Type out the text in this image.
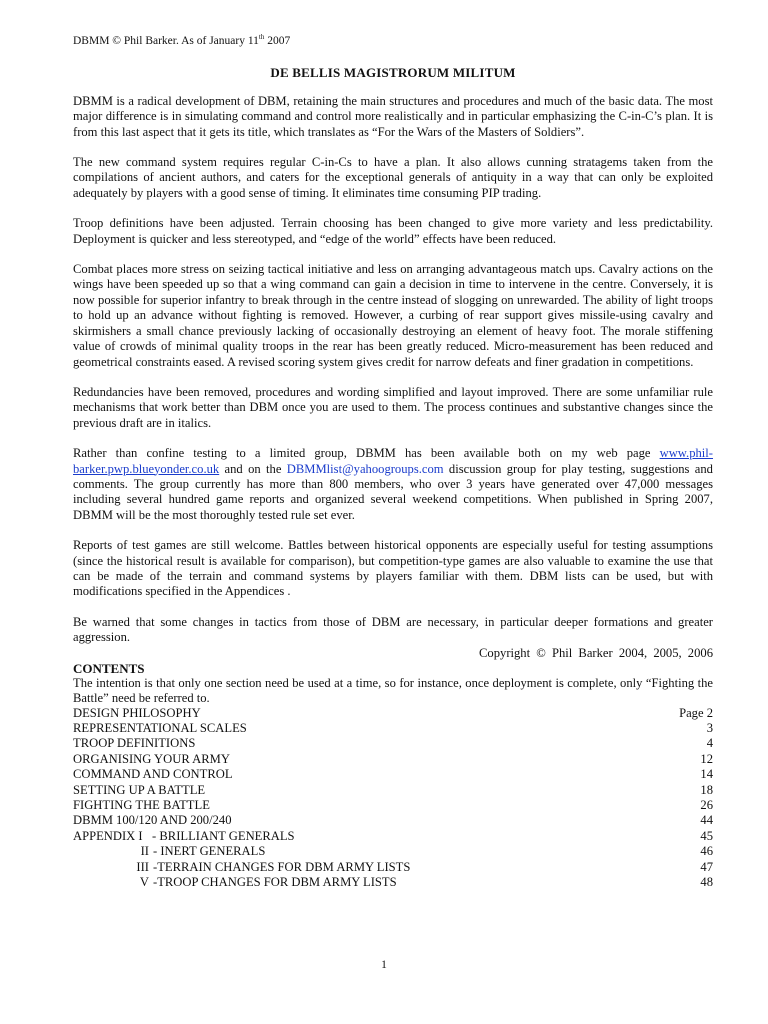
DBMM © Phil Barker. As of January 11th 2007
DE BELLIS MAGISTRORUM MILITUM

DBMM is a radical development of DBM, retaining the main structures and procedures and much of the basic data. The most major difference is in simulating command and control more realistically and in particular emphasizing the C-in-C’s plan. It is from this last aspect that it gets its title, which translates as “For the Wars of the Masters of Soldiers”.

The new command system requires regular C-in-Cs to have a plan. It also allows cunning stratagems taken from the compilations of ancient authors, and caters for the exceptional generals of antiquity in a way that can only be exploited adequately by players with a good sense of timing. It eliminates time consuming PIP trading.

Troop definitions have been adjusted. Terrain choosing has been changed to give more variety and less predictability. Deployment is quicker and less stereotyped, and “edge of the world” effects have been reduced.

Combat places more stress on seizing tactical initiative and less on arranging advantageous match ups. Cavalry actions on the wings have been speeded up so that a wing command can gain a decision in time to intervene in the centre. Conversely, it is now possible for superior infantry to break through in the centre instead of slogging on unrewarded. The ability of light troops to hold up an advance without fighting is removed. However, a curbing of rear support gives missile-using cavalry and skirmishers a small chance previously lacking of occasionally destroying an element of heavy foot. The morale stiffening value of crowds of minimal quality troops in the rear has been greatly reduced. Micro-measurement has been reduced and geometrical constraints eased. A revised scoring system gives credit for narrow defeats and finer gradation in competitions.

Redundancies have been removed, procedures and wording simplified and layout improved. There are some unfamiliar rule mechanisms that work better than DBM once you are used to them. The process continues and substantive changes since the previous draft are in italics.

Rather than confine testing to a limited group, DBMM has been available both on my web page www.phil-barker.pwp.blueyonder.co.uk and on the DBMMlist@yahoogroups.com discussion group for play testing, suggestions and comments. The group currently has more than 800 members, who over 3 years have generated over 47,000 messages including several hundred game reports and organized several weekend competitions. When published in Spring 2007, DBMM will be the most thoroughly tested rule set ever.

Reports of test games are still welcome. Battles between historical opponents are especially useful for testing assumptions (since the historical result is available for comparison), but competition-type games are also valuable to examine the use that can be made of the terrain and command systems by players familiar with them. DBM lists can be used, but with modifications specified in the Appendices .

Be warned that some changes in tactics from those of DBM are necessary, in particular deeper formations and greater aggression.

Copyright © Phil Barker 2004, 2005, 2006
CONTENTS

The intention is that only one section need be used at a time, so for instance, once deployment is complete, only “Fighting the Battle” need be referred to.

DESIGN PHILOSOPHY	Page 2
REPRESENTATIONAL SCALES	3
TROOP DEFINITIONS	4
ORGANISING YOUR ARMY	12
COMMAND AND CONTROL	14
SETTING UP A BATTLE	18
FIGHTING THE BATTLE	26
DBMM 100/120 AND 200/240	44
APPENDIX I   - BRILLIANT GENERALS	45
II - INERT GENERALS	46
III -TERRAIN CHANGES FOR DBM ARMY LISTS	47
V -TROOP CHANGES FOR DBM ARMY LISTS	48
1
